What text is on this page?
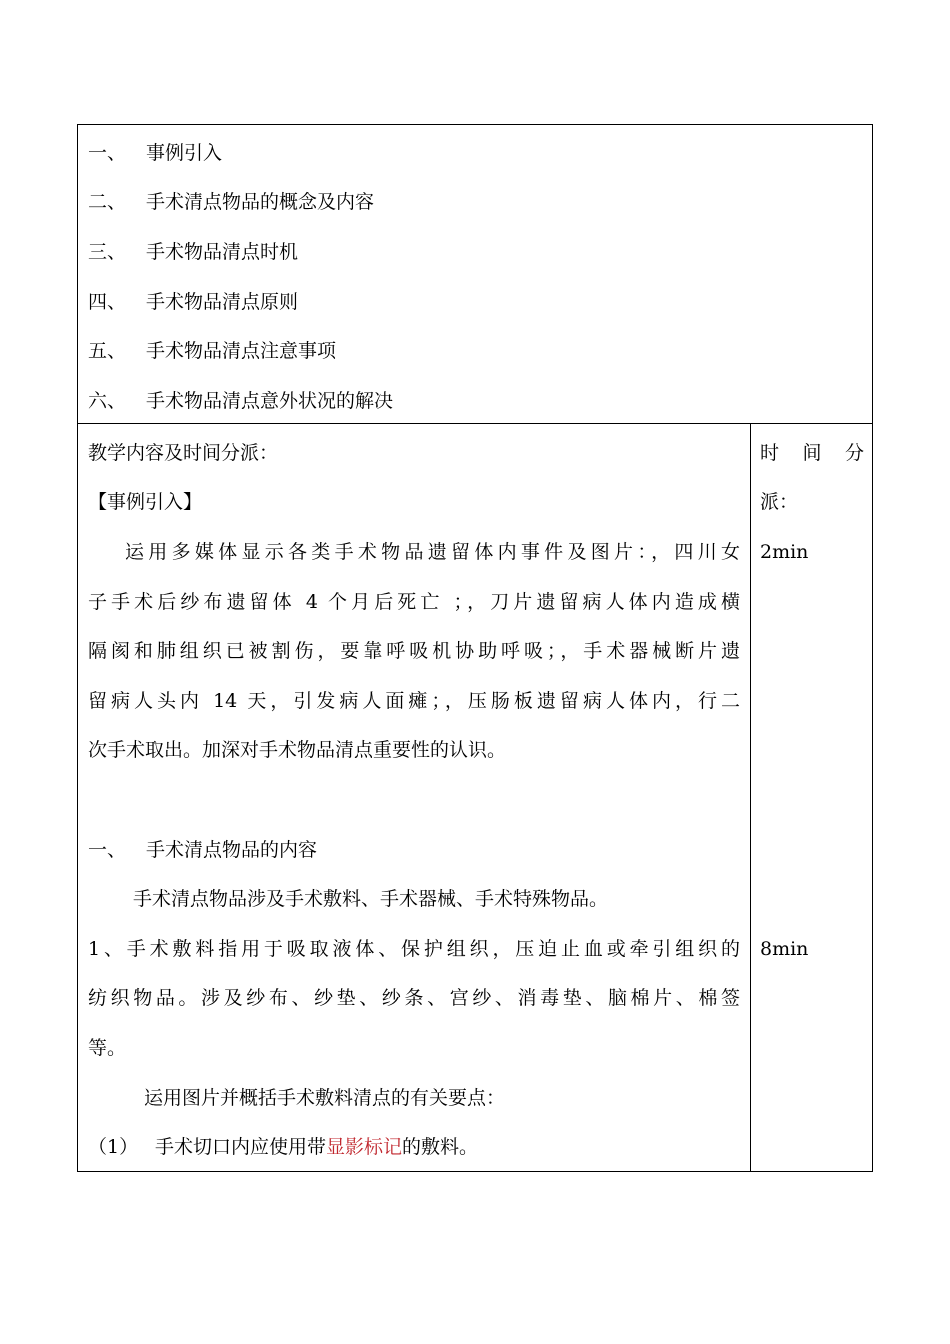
一、 事例引入
二、 手术清点物品的概念及内容
三、 手术物品清点时机
四、 手术物品清点原则
五、 手术物品清点注意事项
六、 手术物品清点意外状况的解决
教学内容及时间分派：
【事例引入】
运用多媒体显示各类手术物品遗留体内事件及图片：，四川女
子手术后纱布遗留体 4 个月后死亡 ；，刀片遗留病人体内造成横
隔阂和肺组织已被割伤，要靠呼吸机协助呼吸；，手术器械断片遗
留病人头内 14 天，引发病人面瘫；，压肠板遗留病人体内，行二
次手术取出。加深对手术物品清点重要性的认识。
一、 手术清点物品的内容
手术清点物品涉及手术敷料、手术器械、手术特殊物品。
1、手术敷料指用于吸取液体、保护组织，压迫止血或牵引组织的
纺织物品。涉及纱布、纱垫、纱条、宫纱、消毒垫、脑棉片、棉签
等。
运用图片并概括手术敷料清点的有关要点：
（1） 手术切口内应使用带显影标记的敷料。
时 间 分
派：
2min
8min
